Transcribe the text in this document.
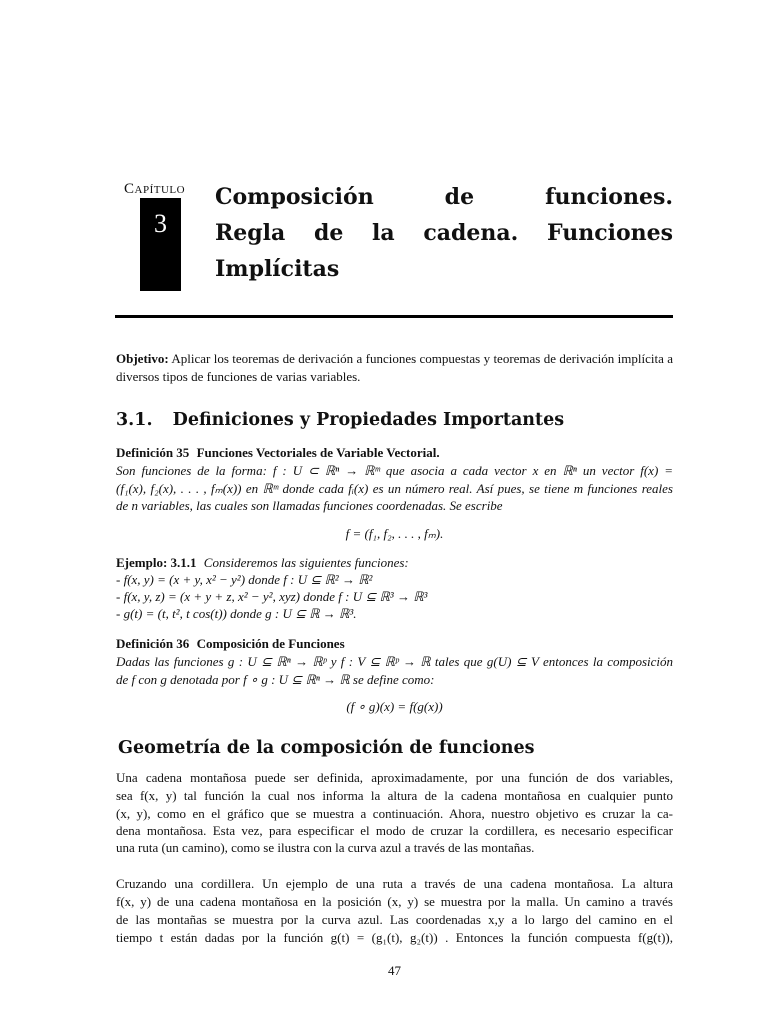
Capítulo
3
Composición de funciones.
Regla de la cadena. Funciones
Implícitas
Objetivo: Aplicar los teoremas de derivación a funciones compuestas y teoremas de derivación implícita a diversos tipos de funciones de varias variables.
3.1. Definiciones y Propiedades Importantes
Definición 35 Funciones Vectoriales de Variable Vectorial.
Son funciones de la forma: f : U ⊂ ℝⁿ → ℝᵐ que asocia a cada vector x en ℝⁿ un vector f(x) =
(f₁(x), f₂(x), . . . , fₘ(x)) en ℝᵐ donde cada fᵢ(x) es un número real. Así pues, se tiene m funciones reales
de n variables, las cuales son llamadas funciones coordenadas. Se escribe
f = (f₁, f₂, . . . , fₘ).
Ejemplo: 3.1.1 Consideremos las siguientes funciones:
- f(x, y) = (x + y, x² − y²) donde f : U ⊆ ℝ² → ℝ²
- f(x, y, z) = (x + y + z, x² − y², xyz) donde f : U ⊆ ℝ³ → ℝ³
- g(t) = (t, t², t cos(t)) donde g : U ⊆ ℝ → ℝ³.
Definición 36 Composición de Funciones
Dadas las funciones g : U ⊆ ℝⁿ → ℝᵖ y f : V ⊆ ℝᵖ → ℝ tales que g(U) ⊆ V entonces la composición
de f con g denotada por f ∘ g : U ⊆ ℝⁿ → ℝ se define como:
(f ∘ g)(x) = f(g(x))
Geometría de la composición de funciones
Una cadena montañosa puede ser definida, aproximadamente, por una función de dos variables,
sea f(x, y) tal función la cual nos informa la altura de la cadena montañosa en cualquier punto
(x, y), como en el gráfico que se muestra a continuación. Ahora, nuestro objetivo es cruzar la ca-
dena montañosa. Esta vez, para especificar el modo de cruzar la cordillera, es necesario especificar
una ruta (un camino), como se ilustra con la curva azul a través de las montañas.
Cruzando una cordillera. Un ejemplo de una ruta a través de una cadena montañosa. La altura
f(x, y) de una cadena montañosa en la posición (x, y) se muestra por la malla. Un camino a través
de las montañas se muestra por la curva azul. Las coordenadas x,y a lo largo del camino en el
tiempo t están dadas por la función g(t) = (g₁(t), g₂(t)) . Entonces la función compuesta f(g(t)),
47
